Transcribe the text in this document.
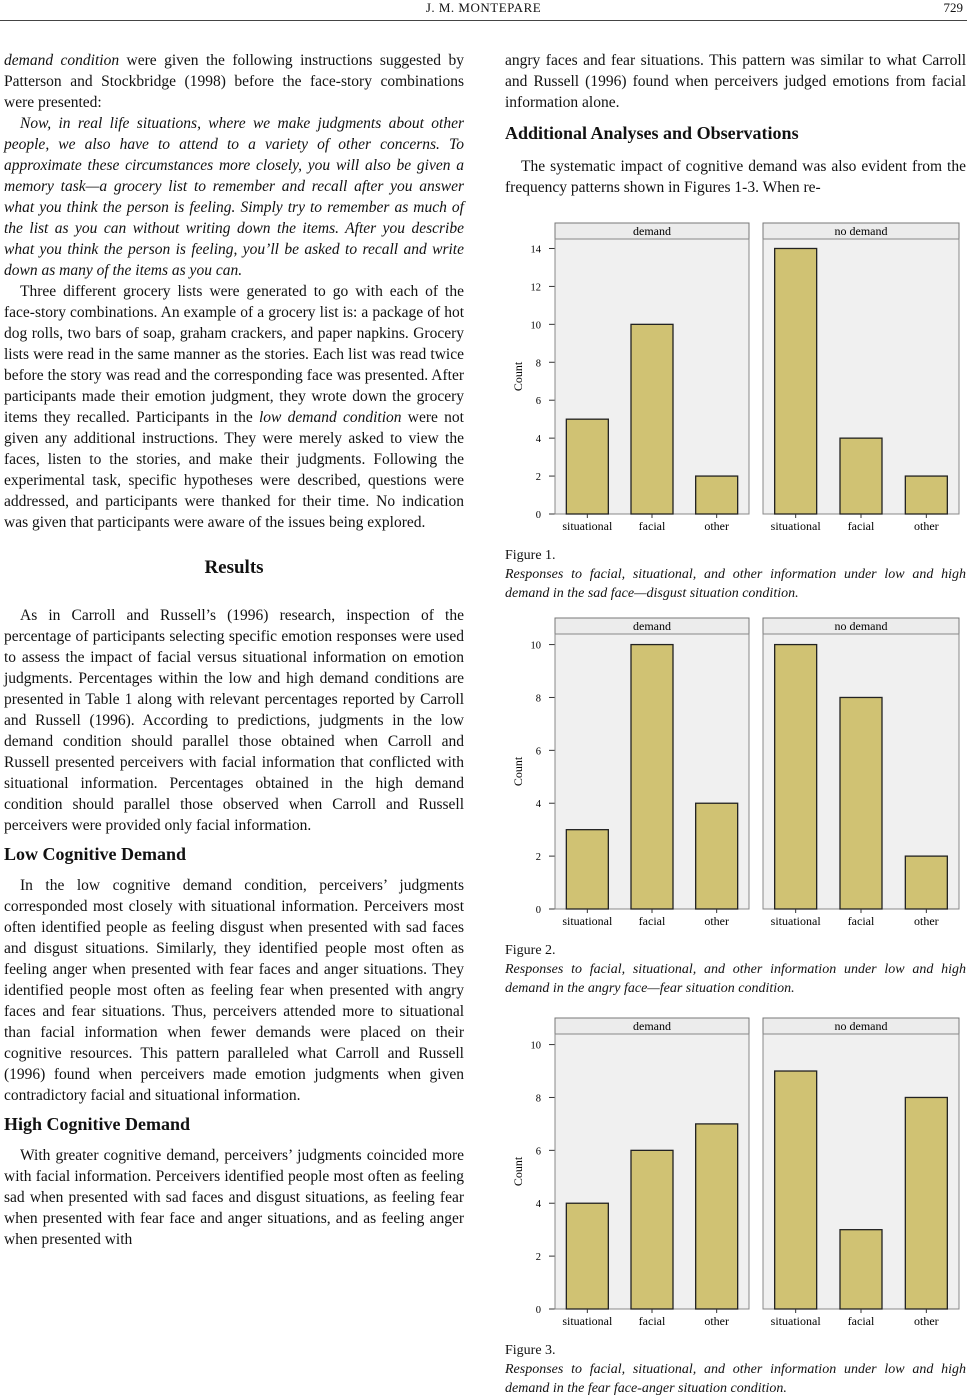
J. M. MONTEPARE	729

demand condition were given the following instructions suggested by Patterson and Stockbridge (1998) before the face-story combinations were presented:

Now, in real life situations, where we make judgments about other people, we also have to attend to a variety of other concerns. To approximate these circumstances more closely, you will also be given a memory task—a grocery list to remember and recall after you answer what you think the person is feeling. Simply try to remember as much of the list as you can without writing down the items. After you describe what you think the person is feeling, you’ll be asked to recall and write down as many of the items as you can.

Three different grocery lists were generated to go with each of the face-story combinations. An example of a grocery list is: a package of hot dog rolls, two bars of soap, graham crackers, and paper napkins. Grocery lists were read in the same manner as the stories. Each list was read twice before the story was read and the corresponding face was presented. After participants made their emotion judgment, they wrote down the grocery items they recalled. Participants in the low demand condition were not given any additional instructions. They were merely asked to view the faces, listen to the stories, and make their judgments. Following the experimental task, specific hypotheses were described, questions were addressed, and participants were thanked for their time. No indication was given that participants were aware of the issues being explored.

Results

As in Carroll and Russell’s (1996) research, inspection of the percentage of participants selecting specific emotion responses were used to assess the impact of facial versus situational information on emotion judgments. Percentages within the low and high demand conditions are presented in Table 1 along with relevant percentages reported by Carroll and Russell (1996). According to predictions, judgments in the low demand condition should parallel those obtained when Carroll and Russell presented perceivers with facial information that conflicted with situational information. Percentages obtained in the high demand condition should parallel those observed when Carroll and Russell perceivers were provided only facial information.

Low Cognitive Demand

In the low cognitive demand condition, perceivers’ judgments corresponded most closely with situational information. Perceivers most often identified people as feeling disgust when presented with sad faces and disgust situations. Similarly, they identified people most often as feeling anger when presented with fear faces and anger situations. They identified people most often as feeling fear when presented with angry faces and fear situations. Thus, perceivers attended more to situational than facial information when fewer demands were placed on their cognitive resources. This pattern paralleled what Carroll and Russell (1996) found when perceivers made emotion judgments when given contradictory facial and situational information.

High Cognitive Demand

With greater cognitive demand, perceivers’ judgments coincided more with facial information. Perceivers identified people most often as feeling sad when presented with sad faces and disgust situations, as feeling fear when presented with fear face and anger situations, and as feeling anger when presented with

angry faces and fear situations. This pattern was similar to what Carroll and Russell (1996) found when perceivers judged emotions from facial information alone.

Additional Analyses and Observations

The systematic impact of cognitive demand was also evident from the frequency patterns shown in Figures 1-3. When re-

Count
0
2
4
6
8
10
12
14
demand
situational facial	other
no demand
situational facial	other
Figure 1.
Responses to facial, situational, and other information under low and high demand in the sad face—disgust situation condition.
Count
0
2
4
6
8
10
demand
situational facial	other
no demand
situational facial	other
Figure 2.
Responses to facial, situational, and other information under low and high demand in the angry face—fear situation condition.
Count
0
2
4
6
8
10
demand
situational facial	other
no demand
situational facial	other
Figure 3.
Responses to facial, situational, and other information under low and high demand in the fear face-anger situation condition.
